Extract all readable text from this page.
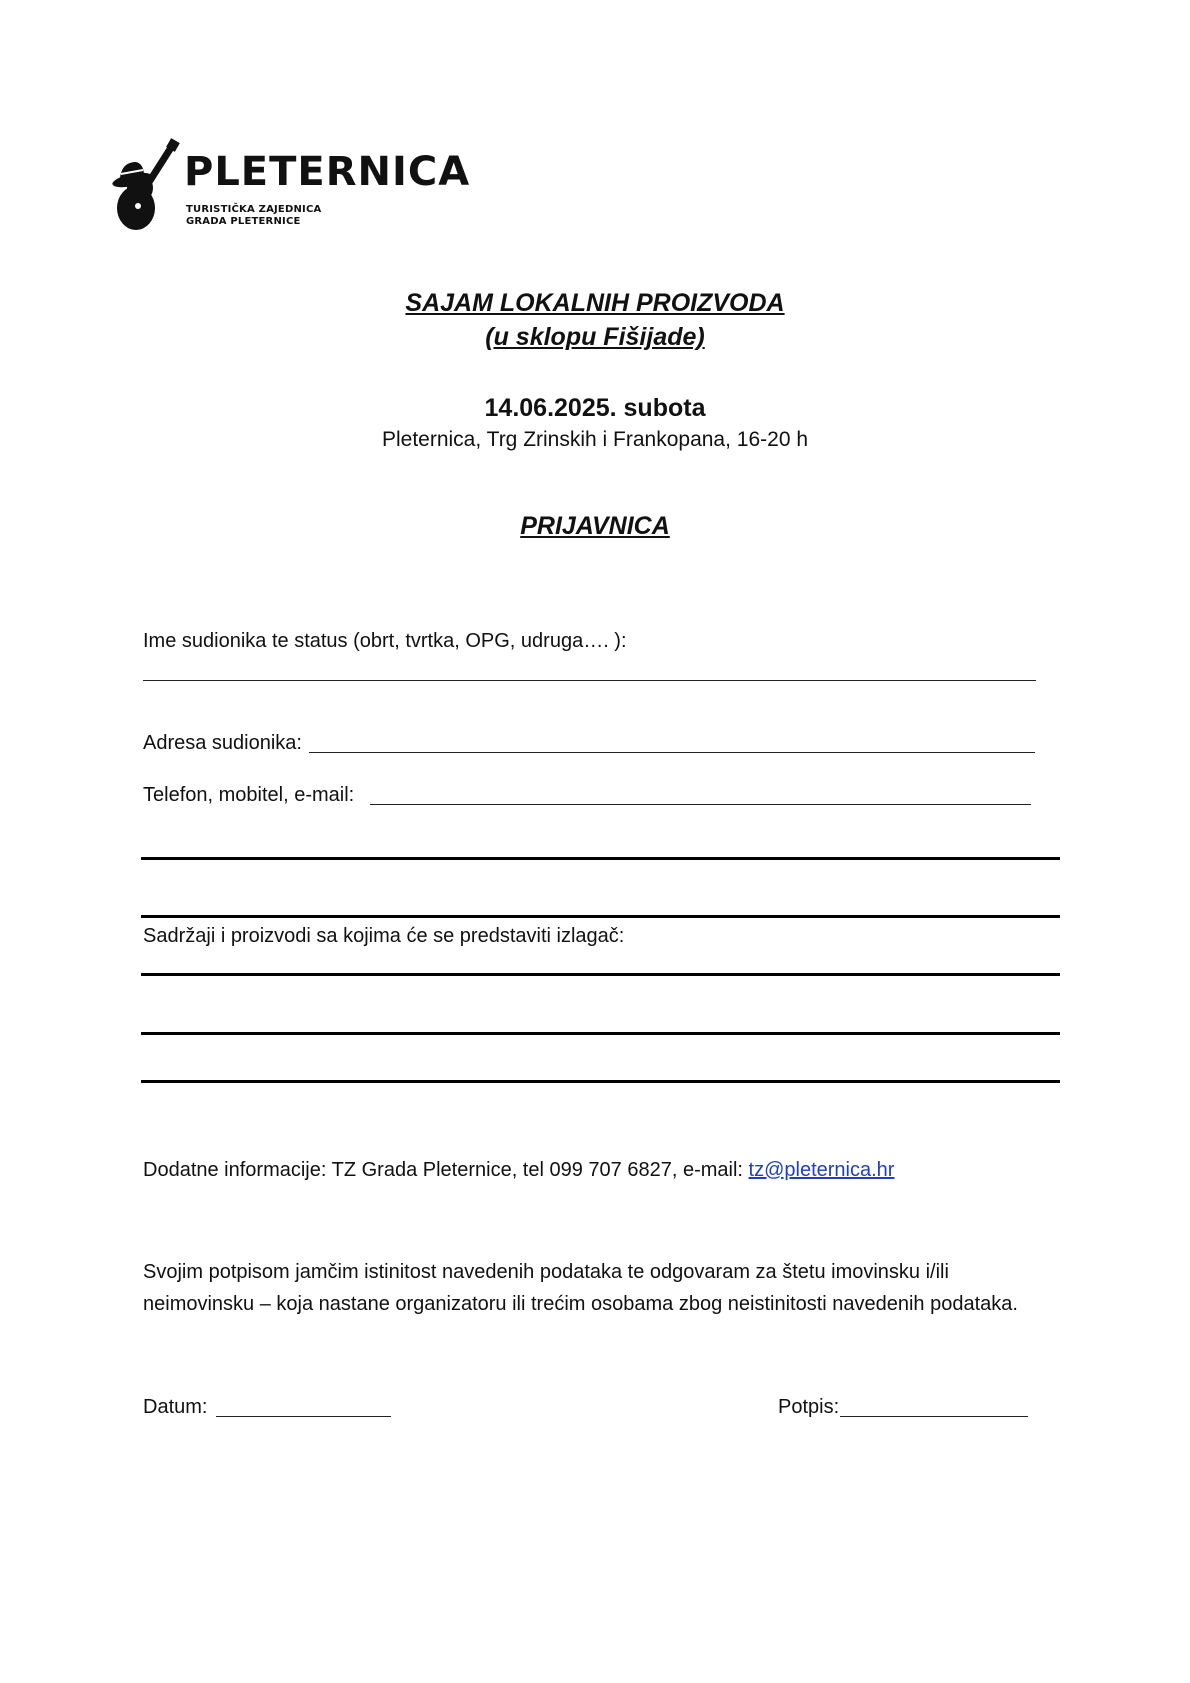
PLETERNICA
TURISTIČKA ZAJEDNICA
GRADA PLETERNICE
SAJAM LOKALNIH PROIZVODA
(u sklopu Fišijade)
14.06.2025. subota
Pleternica, Trg Zrinskih i Frankopana, 16-20 h
PRIJAVNICA
Ime sudionika te status (obrt, tvrtka, OPG, udruga…. ):
Adresa sudionika:
Telefon, mobitel, e-mail:
Sadržaji i proizvodi sa kojima će se predstaviti izlagač:
Dodatne informacije: TZ Grada Pleternice, tel 099 707 6827, e-mail: tz@pleternica.hr
Svojim potpisom jamčim istinitost navedenih podataka te odgovaram za štetu imovinsku i/ili
neimovinsku – koja nastane organizatoru ili trećim osobama zbog neistinitosti navedenih podataka.
Datum:	Potpis:
